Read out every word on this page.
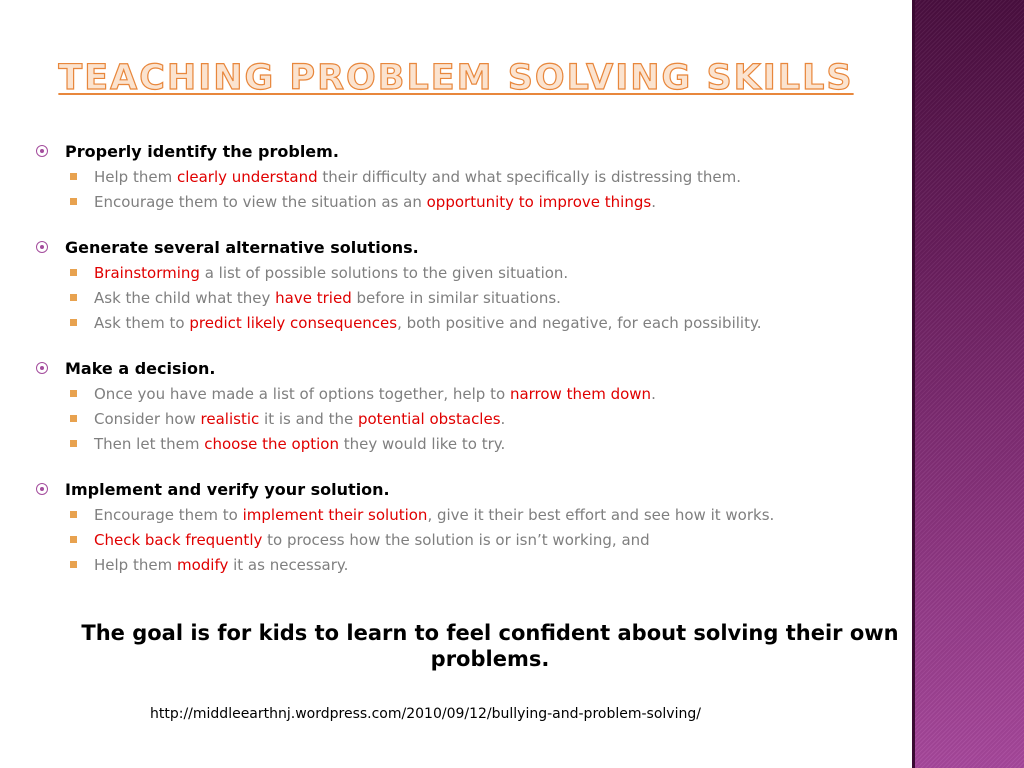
TEACHING PROBLEM SOLVING SKILLS
Properly identify the problem.
Help them clearly understand their difficulty and what specifically is distressing them.
Encourage them to view the situation as an opportunity to improve things.
Generate several alternative solutions.
Brainstorming a list of possible solutions to the given situation.
Ask the child what they have tried before in similar situations.
Ask them to predict likely consequences, both positive and negative, for each possibility.
Make a decision.
Once you have made a list of options together, help to narrow them down.
Consider how realistic it is and the potential obstacles.
Then let them choose the option they would like to try.
Implement and verify your solution.
Encourage them to implement their solution, give it their best effort and see how it works.
Check back frequently to process how the solution is or isn’t working, and
Help them modify it as necessary.
The goal is for kids to learn to feel confident about solving their own problems.
http://middleearthnj.wordpress.com/2010/09/12/bullying-and-problem-solving/
